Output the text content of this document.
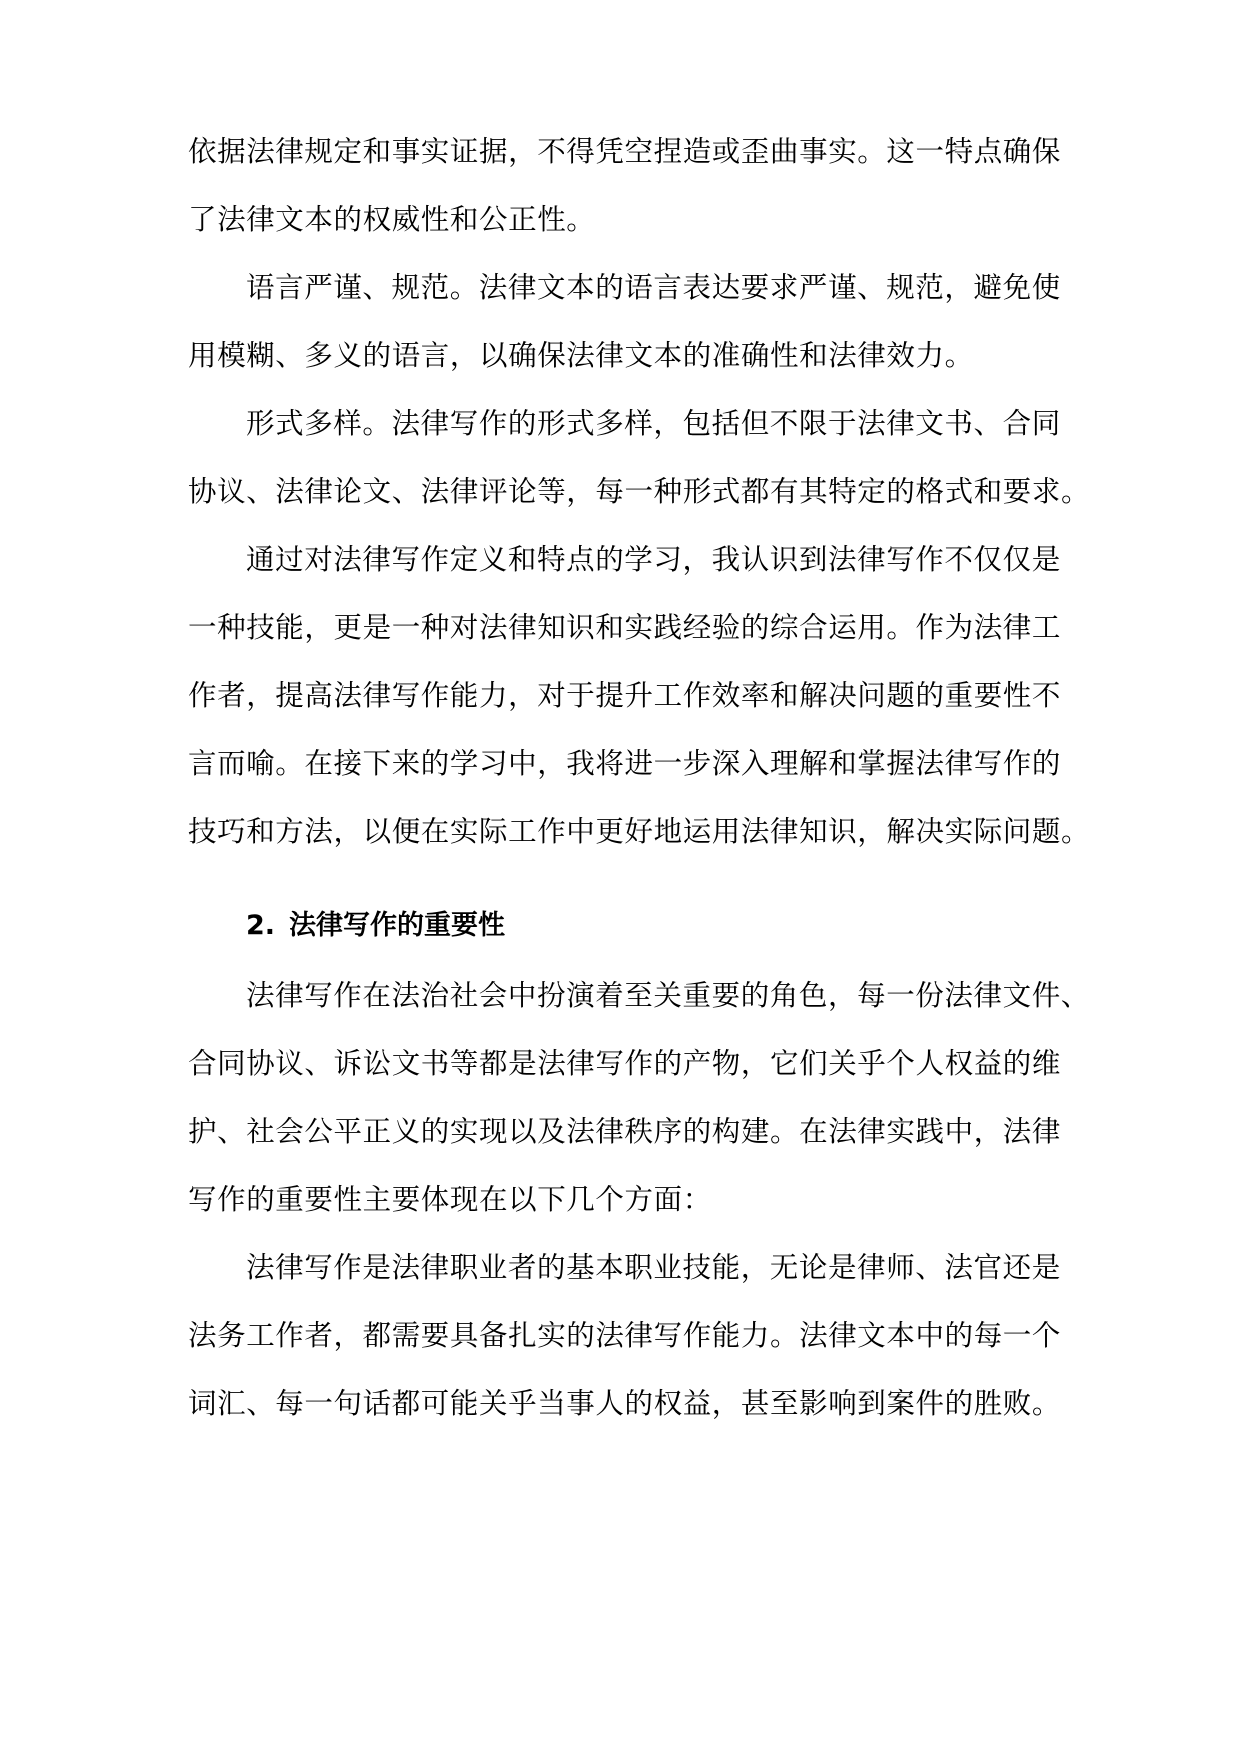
依据法律规定和事实证据，不得凭空捏造或歪曲事实。这一特点确保
了法律文本的权威性和公正性。
语言严谨、规范。法律文本的语言表达要求严谨、规范，避免使
用模糊、多义的语言，以确保法律文本的准确性和法律效力。
形式多样。法律写作的形式多样，包括但不限于法律文书、合同
协议、法律论文、法律评论等，每一种形式都有其特定的格式和要求。
通过对法律写作定义和特点的学习，我认识到法律写作不仅仅是
一种技能，更是一种对法律知识和实践经验的综合运用。作为法律工
作者，提高法律写作能力，对于提升工作效率和解决问题的重要性不
言而喻。在接下来的学习中，我将进一步深入理解和掌握法律写作的
技巧和方法，以便在实际工作中更好地运用法律知识，解决实际问题。
2. 法律写作的重要性
法律写作在法治社会中扮演着至关重要的角色，每一份法律文件、
合同协议、诉讼文书等都是法律写作的产物，它们关乎个人权益的维
护、社会公平正义的实现以及法律秩序的构建。在法律实践中，法律
写作的重要性主要体现在以下几个方面：
法律写作是法律职业者的基本职业技能，无论是律师、法官还是
法务工作者，都需要具备扎实的法律写作能力。法律文本中的每一个
词汇、每一句话都可能关乎当事人的权益，甚至影响到案件的胜败。
